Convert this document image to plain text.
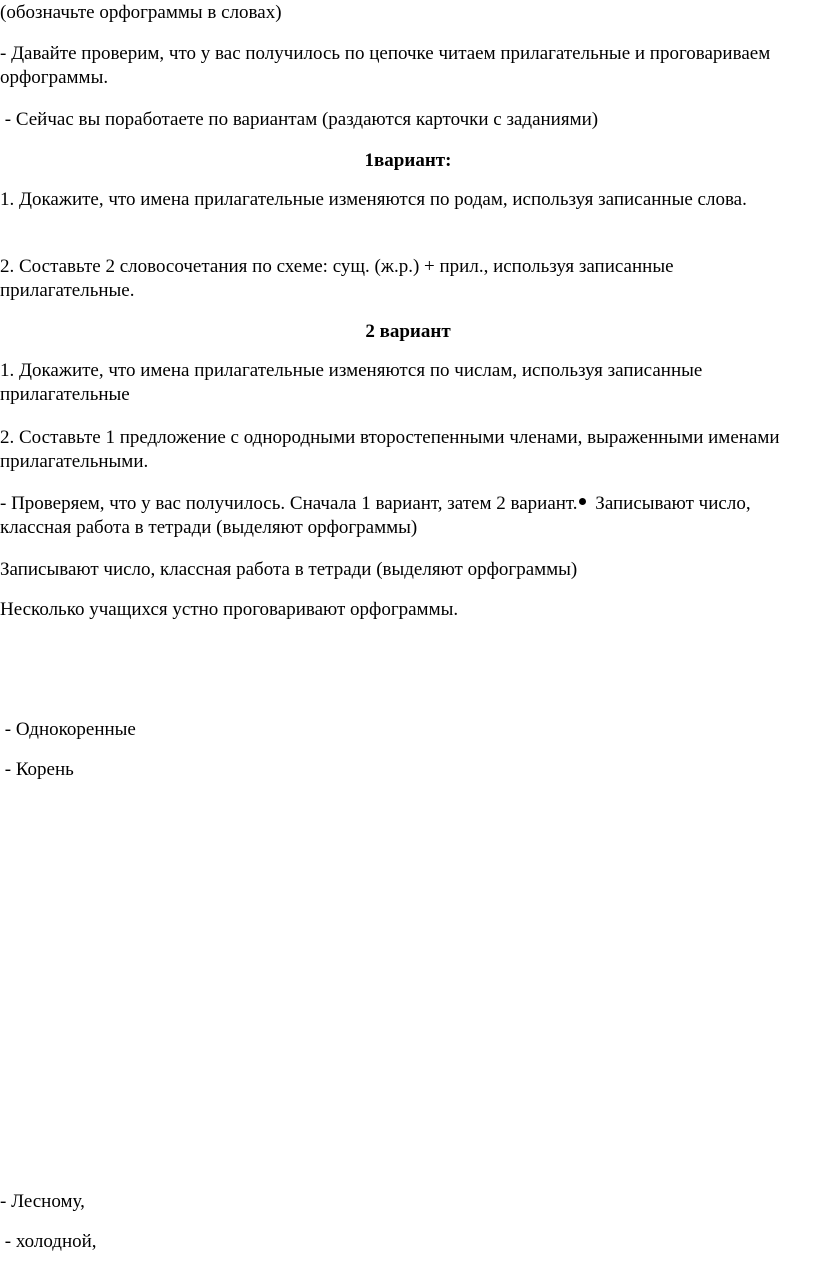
(обозначьте орфограммы в словах)

- Давайте проверим, что у вас получилось по цепочке читаем прилагательные и проговариваем орфограммы.

- Сейчас вы поработаете по вариантам (раздаются карточки с заданиями)

1вариант:

1. Докажите, что имена прилагательные изменяются по родам, используя записанные слова.

2. Составьте 2 словосочетания по схеме: сущ. (ж.р.) + прил., используя записанные прилагательные.

2 вариант

1. Докажите, что имена прилагательные изменяются по числам, используя записанные прилагательные

2. Составьте 1 предложение с однородными второстепенными членами, выраженными именами прилагательными.

- Проверяем, что у вас получилось. Сначала 1 вариант, затем 2 вариант. Записывают число, классная работа в тетради (выделяют орфограммы)

Записывают число, классная работа в тетради (выделяют орфограммы)

Несколько учащихся устно проговаривают орфограммы.

- Однокоренные

- Корень

- Лесному,

- холодной,
